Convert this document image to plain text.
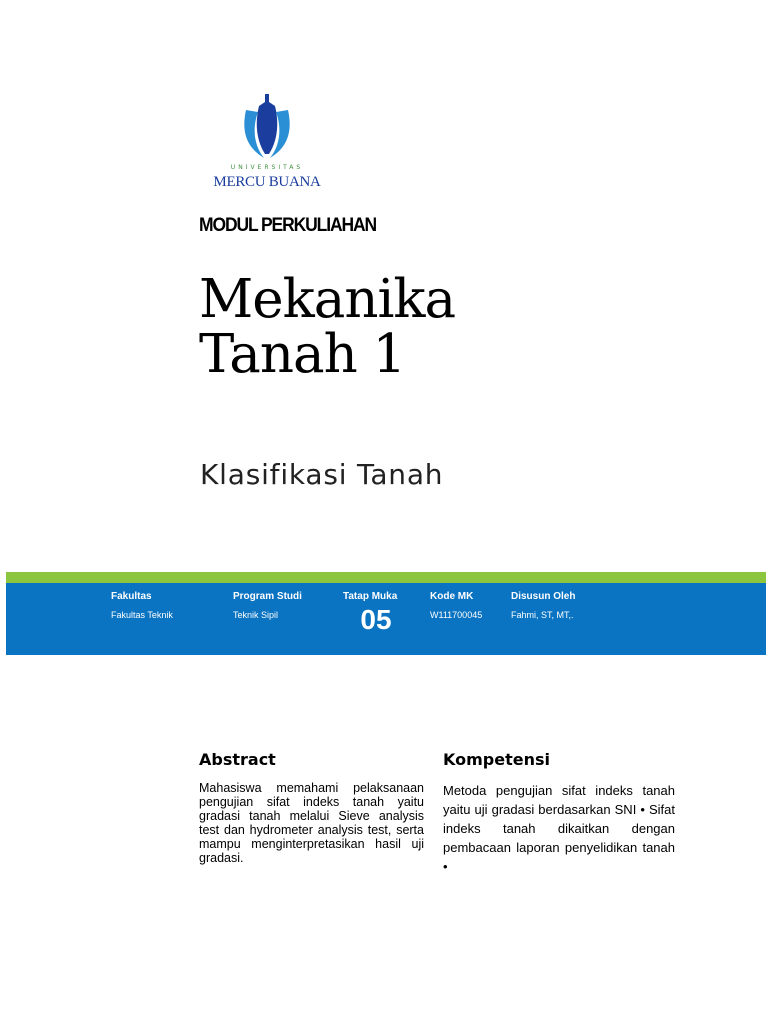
UNIVERSITAS
MERCU BUANA
MODUL PERKULIAHAN
Mekanika
Tanah 1
Klasifikasi Tanah
Fakultas
Fakultas Teknik
Program Studi
Teknik Sipil
Tatap Muka
05
Kode MK
W111700045
Disusun Oleh
Fahmi, ST, MT,.
Abstract
Mahasiswa memahami pelaksanaan pengujian sifat indeks tanah yaitu gradasi tanah melalui Sieve analysis test dan hydrometer analysis test, serta mampu menginterpretasikan hasil uji gradasi.
Kompetensi
Metoda pengujian sifat indeks tanah yaitu uji gradasi berdasarkan SNI • Sifat indeks tanah dikaitkan dengan pembacaan laporan penyelidikan tanah •
